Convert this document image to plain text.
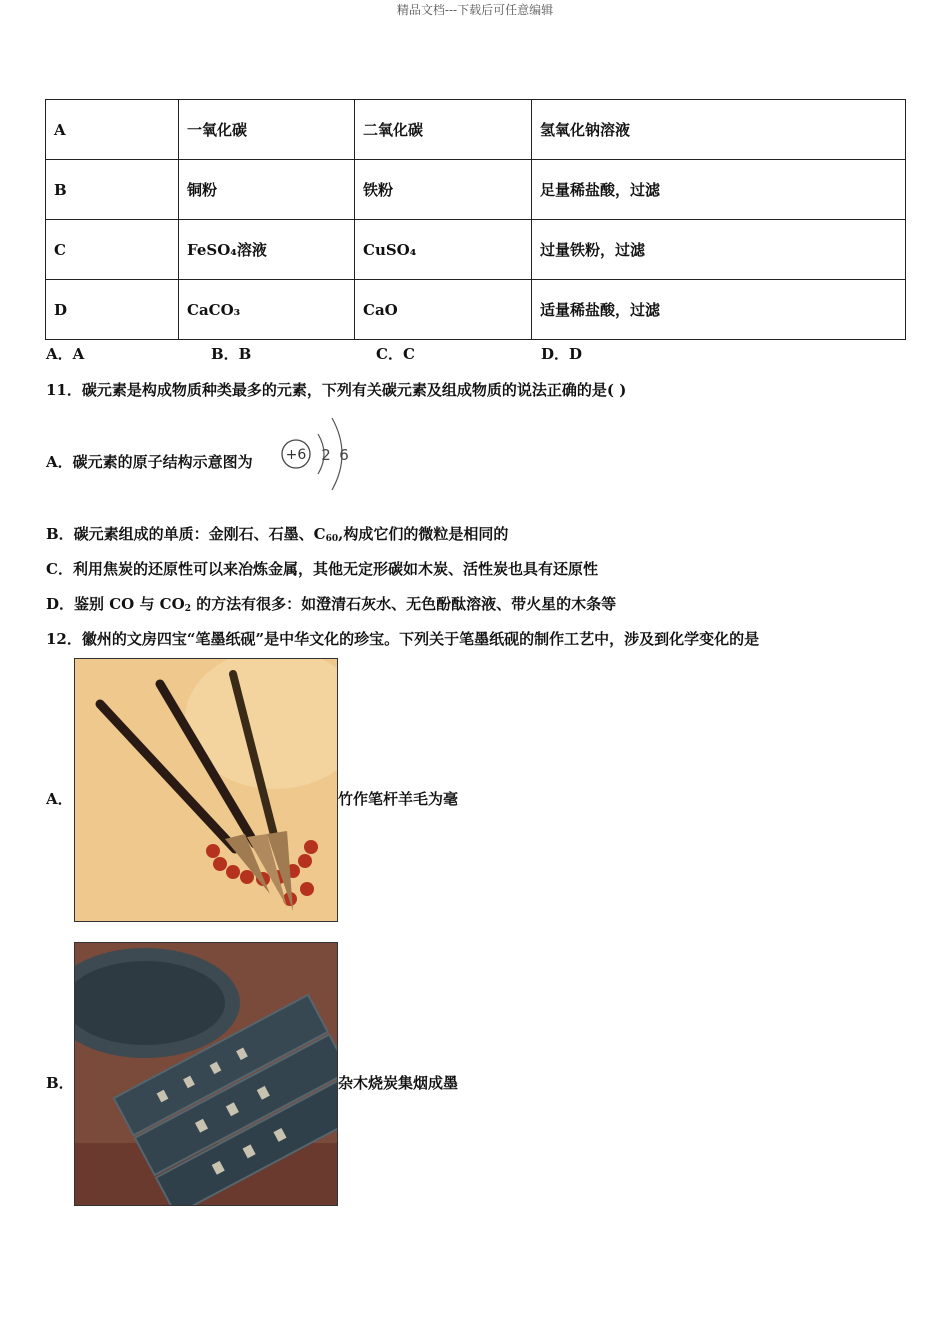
精品文档---下载后可任意编辑
A	一氧化碳	二氧化碳	氢氧化钠溶液
B	铜粉	铁粉	足量稀盐酸，过滤
C	FeSO₄溶液	CuSO₄	过量铁粉，过滤
D	CaCO₃	CaO	适量稀盐酸，过滤
A．A	B．B	C．C	D．D
11．碳元素是构成物质种类最多的元素，下列有关碳元素及组成物质的说法正确的是( )
A．碳元素的原子结构示意图为 +6 2 6
B．碳元素组成的单质：金刚石、石墨、$C_{60}$,构成它们的微粒是相同的
C．利用焦炭的还原性可以来冶炼金属，其他无定形碳如木炭、活性炭也具有还原性
D．鉴别 CO 与 $CO_2$ 的方法有很多：如澄清石灰水、无色酚酞溶液、带火星的木条等
12．徽州的文房四宝“笔墨纸砚”是中华文化的珍宝。下列关于笔墨纸砚的制作工艺中，涉及到化学变化的是
A．	竹作笔杆羊毛为毫
B．	杂木烧炭集烟成墨
